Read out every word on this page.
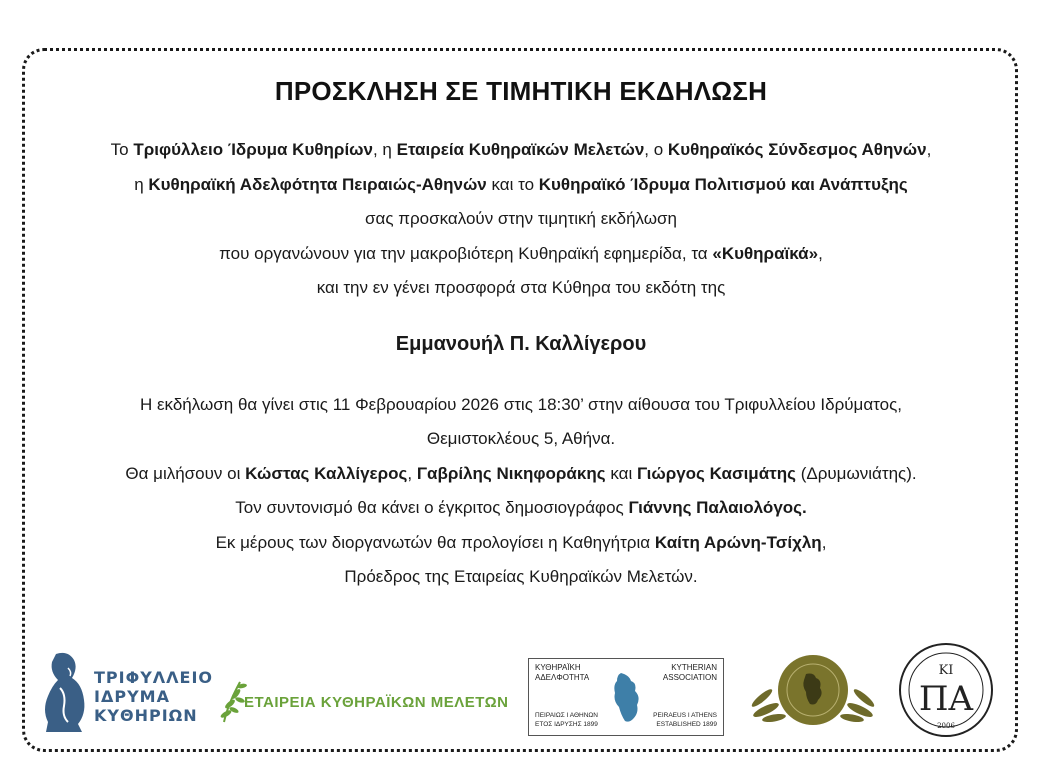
ΠΡΟΣΚΛΗΣΗ ΣΕ ΤΙΜΗΤΙΚΗ ΕΚΔΗΛΩΣΗ
Το Τριφύλλειο Ίδρυμα Κυθηρίων, η Εταιρεία Κυθηραϊκών Μελετών, ο Κυθηραϊκός Σύνδεσμος Αθηνών,
η Κυθηραϊκή Αδελφότητα Πειραιώς-Αθηνών και το Κυθηραϊκό Ίδρυμα Πολιτισμού και Ανάπτυξης
σας προσκαλούν στην τιμητική εκδήλωση
που οργανώνουν για την μακροβιότερη Κυθηραϊκή εφημερίδα, τα «Κυθηραϊκά»,
και την εν γένει προσφορά στα Κύθηρα του εκδότη της
Εμμανουήλ Π. Καλλίγερου
Η εκδήλωση θα γίνει στις 11 Φεβρουαρίου 2026 στις 18:30’ στην αίθουσα του Τριφυλλείου Ιδρύματος,
Θεμιστοκλέους 5, Αθήνα.
Θα μιλήσουν οι Κώστας Καλλίγερος, Γαβρίλης Νικηφοράκης και Γιώργος Κασιμάτης (Δρυμωνιάτης).
Τον συντονισμό θα κάνει ο έγκριτος δημοσιογράφος Γιάννης Παλαιολόγος.
Εκ μέρους των διοργανωτών θα προλογίσει η Καθηγήτρια Καίτη Αρώνη-Τσίχλη,
Πρόεδρος της Εταιρείας Κυθηραϊκών Μελετών.
ΤΡΙΦΥΛΛΕΙΟ
ΙΔΡΥΜΑ
ΚΥΘΗΡΙΩΝ
ΕΤΑΙΡΕΙΑ ΚΥΘΗΡΑΪΚΩΝ ΜΕΛΕΤΩΝ
ΚΥΘΗΡΑΪΚΗ
ΑΔΕΛΦΟΤΗΤΑ
KYTHERIAN
ASSOCIATION
ΠΕΙΡΑΙΩΣ Ι ΑΘΗΝΩΝ
ΕΤΟΣ ΙΔΡΥΣΗΣ 1899
PEIRAEUS I ATHENS
ESTABLISHED 1899
ΚΙ
ΠΑ
2006
